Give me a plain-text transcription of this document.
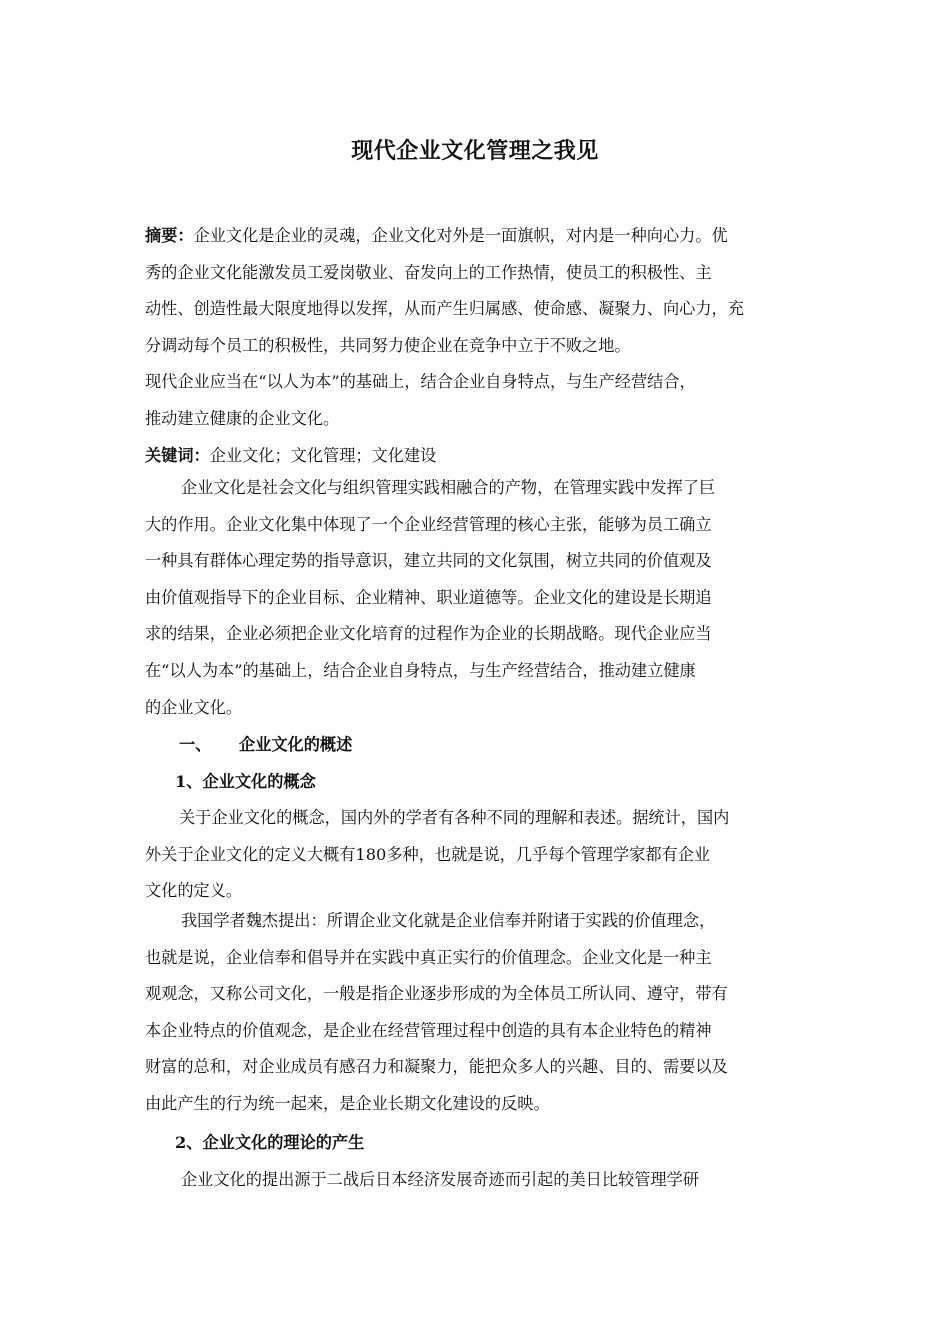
现代企业文化管理之我见
摘要：企业文化是企业的灵魂，企业文化对外是一面旗帜，对内是一种向心力。优
秀的企业文化能激发员工爱岗敬业、奋发向上的工作热情，使员工的积极性、主
动性、创造性最大限度地得以发挥，从而产生归属感、使命感、凝聚力、向心力，充
分调动每个员工的积极性，共同努力使企业在竞争中立于不败之地。
现代企业应当在“以人为本”的基础上，结合企业自身特点，与生产经营结合，
推动建立健康的企业文化。
关键词：企业文化；文化管理；文化建设
企业文化是社会文化与组织管理实践相融合的产物，在管理实践中发挥了巨
大的作用。企业文化集中体现了一个企业经营管理的核心主张，能够为员工确立
一种具有群体心理定势的指导意识，建立共同的文化氛围，树立共同的价值观及
由价值观指导下的企业目标、企业精神、职业道德等。企业文化的建设是长期追
求的结果，企业必须把企业文化培育的过程作为企业的长期战略。现代企业应当
在“以人为本”的基础上，结合企业自身特点，与生产经营结合，推动建立健康
的企业文化。
一、 企业文化的概述
1、企业文化的概念
关于企业文化的概念，国内外的学者有各种不同的理解和表述。据统计，国内
外关于企业文化的定义大概有180多种，也就是说，几乎每个管理学家都有企业
文化的定义。
我国学者魏杰提出：所谓企业文化就是企业信奉并附诸于实践的价值理念，
也就是说，企业信奉和倡导并在实践中真正实行的价值理念。企业文化是一种主
观观念，又称公司文化，一般是指企业逐步形成的为全体员工所认同、遵守，带有
本企业特点的价值观念，是企业在经营管理过程中创造的具有本企业特色的精神
财富的总和，对企业成员有感召力和凝聚力，能把众多人的兴趣、目的、需要以及
由此产生的行为统一起来，是企业长期文化建设的反映。
2、企业文化的理论的产生
企业文化的提出源于二战后日本经济发展奇迹而引起的美日比较管理学研
